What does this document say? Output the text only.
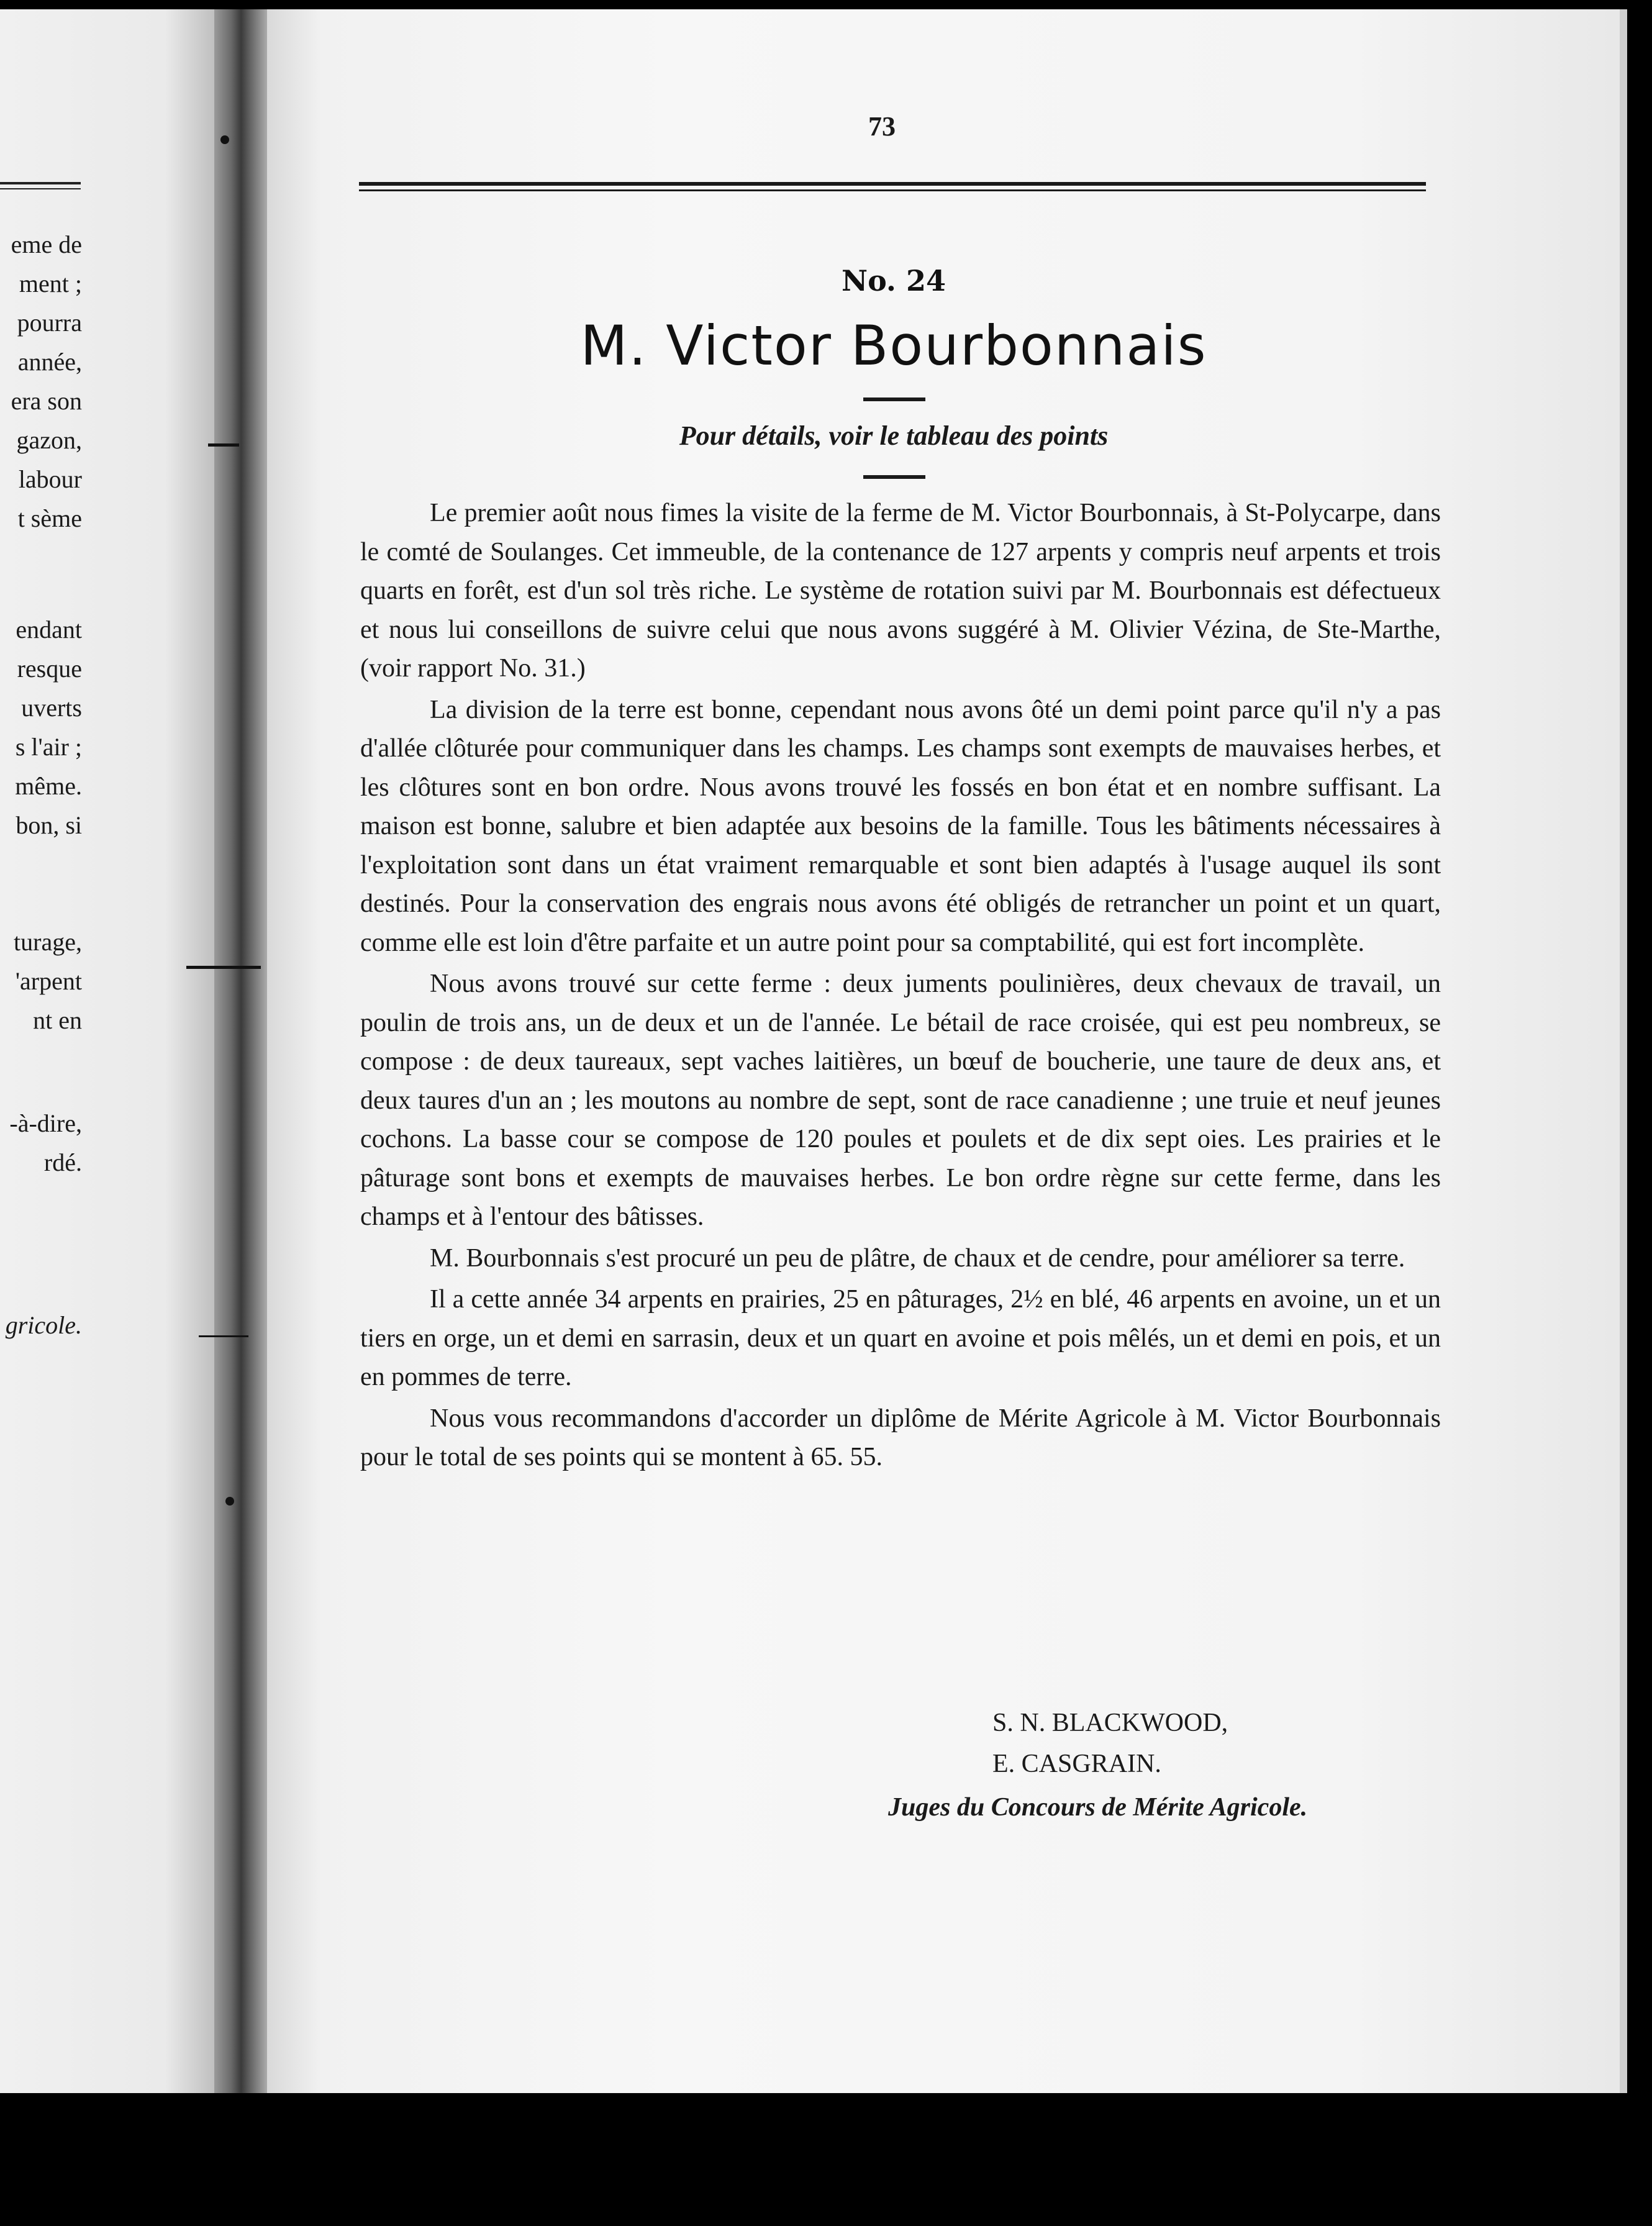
eme de
ment ;
pourra
année,
era son
gazon,
labour
t sème
endant
resque
uverts
s l'air ;
même.
bon, si
turage,
'arpent
nt en
-à-dire,
rdé.
gricole.
73
No. 24
M. Victor Bourbonnais
Pour détails, voir le tableau des points

Le premier août nous fimes la visite de la ferme de M. Victor Bourbonnais, à St-Polycarpe, dans le comté de Soulanges. Cet immeuble, de la contenance de 127 arpents y compris neuf arpents et trois quarts en forêt, est d'un sol très riche. Le système de rotation suivi par M. Bourbonnais est défectueux et nous lui conseillons de suivre celui que nous avons suggéré à M. Olivier Vézina, de Ste-Marthe, (voir rapport No. 31.)

La division de la terre est bonne, cependant nous avons ôté un demi point parce qu'il n'y a pas d'allée clôturée pour communiquer dans les champs. Les champs sont exempts de mauvaises herbes, et les clôtures sont en bon ordre. Nous avons trouvé les fossés en bon état et en nombre suffisant. La maison est bonne, salubre et bien adaptée aux besoins de la famille. Tous les bâtiments nécessaires à l'exploitation sont dans un état vraiment remarquable et sont bien adaptés à l'usage auquel ils sont destinés. Pour la conservation des engrais nous avons été obligés de retrancher un point et un quart, comme elle est loin d'être parfaite et un autre point pour sa comptabilité, qui est fort incomplète.

Nous avons trouvé sur cette ferme : deux juments poulinières, deux chevaux de travail, un poulin de trois ans, un de deux et un de l'année. Le bétail de race croisée, qui est peu nombreux, se compose : de deux taureaux, sept vaches laitières, un bœuf de boucherie, une taure de deux ans, et deux taures d'un an ; les moutons au nombre de sept, sont de race canadienne ; une truie et neuf jeunes cochons. La basse cour se compose de 120 poules et poulets et de dix sept oies. Les prairies et le pâturage sont bons et exempts de mauvaises herbes. Le bon ordre règne sur cette ferme, dans les champs et à l'entour des bâtisses.

M. Bourbonnais s'est procuré un peu de plâtre, de chaux et de cendre, pour améliorer sa terre.

Il a cette année 34 arpents en prairies, 25 en pâturages, 2½ en blé, 46 arpents en avoine, un et un tiers en orge, un et demi en sarrasin, deux et un quart en avoine et pois mêlés, un et demi en pois, et un en pommes de terre.

Nous vous recommandons d'accorder un diplôme de Mérite Agricole à M. Victor Bourbonnais pour le total de ses points qui se montent à 65. 55.

S. N. BLACKWOOD,
E. CASGRAIN.
Juges du Concours de Mérite Agricole.
